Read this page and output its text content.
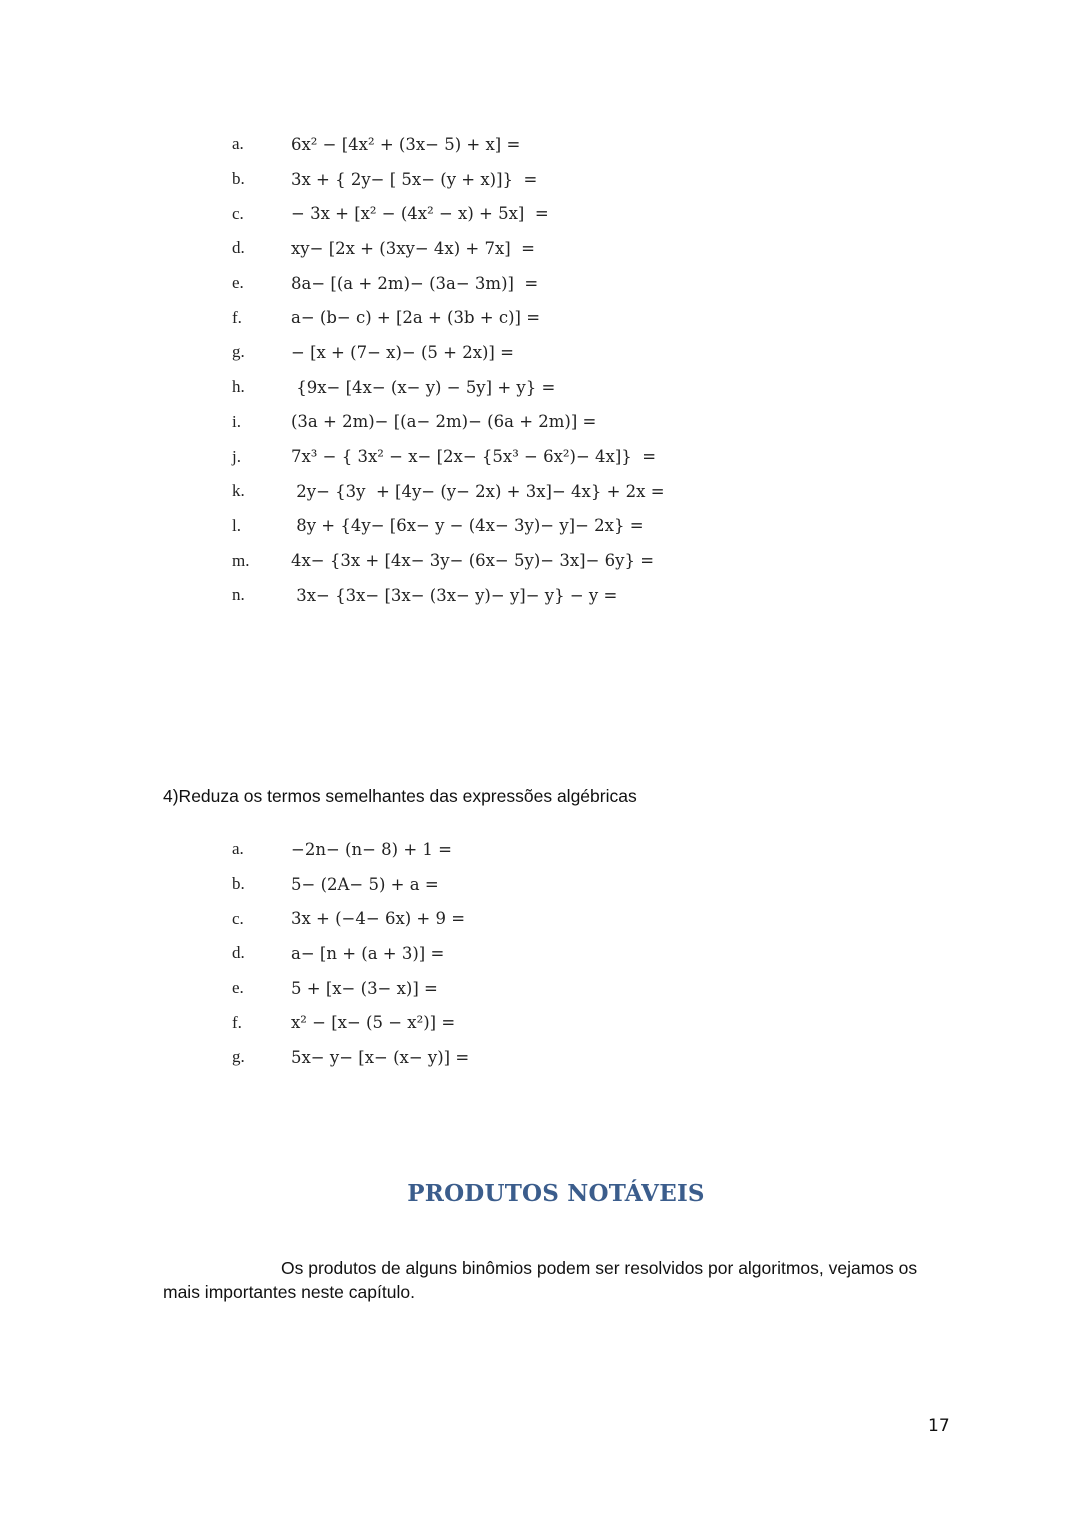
a.	6x² − [4x² + (3x− 5) + x] =
b.	3x + { 2y− [ 5x− (y + x)]}  =
c.	− 3x + [x² − (4x² − x) + 5x]  =
d.	xy− [2x + (3xy− 4x) + 7x]  =
e.	8a− [(a + 2m)− (3a− 3m)]  =
f.	a− (b− c) + [2a + (3b + c)] =
g.	− [x + (7− x)− (5 + 2x)] =
h.	{9x− [4x− (x− y) − 5y] + y} =
i.	(3a + 2m)− [(a− 2m)− (6a + 2m)] =
j.	7x³ − { 3x² − x− [2x− {5x³ − 6x²)− 4x]}  =
k.	2y− {3y  + [4y− (y− 2x) + 3x]− 4x} + 2x =
l.	8y + {4y− [6x− y − (4x− 3y)− y]− 2x} =
m.	4x− {3x + [4x− 3y− (6x− 5y)− 3x]− 6y} =
n.	3x− {3x− [3x− (3x− y)− y]− y} − y =
4)Reduza os termos semelhantes das expressões algébricas
a.	−2n− (n− 8) + 1 =
b.	5− (2A− 5) + a =
c.	3x + (−4− 6x) + 9 =
d.	a− [n + (a + 3)] =
e.	5 + [x− (3− x)] =
f.	x² − [x− (5 − x²)] =
g.	5x− y− [x− (x− y)] =
PRODUTOS NOTÁVEIS

Os produtos de alguns binômios podem ser resolvidos por algoritmos, vejamos os mais importantes neste capítulo.

17
